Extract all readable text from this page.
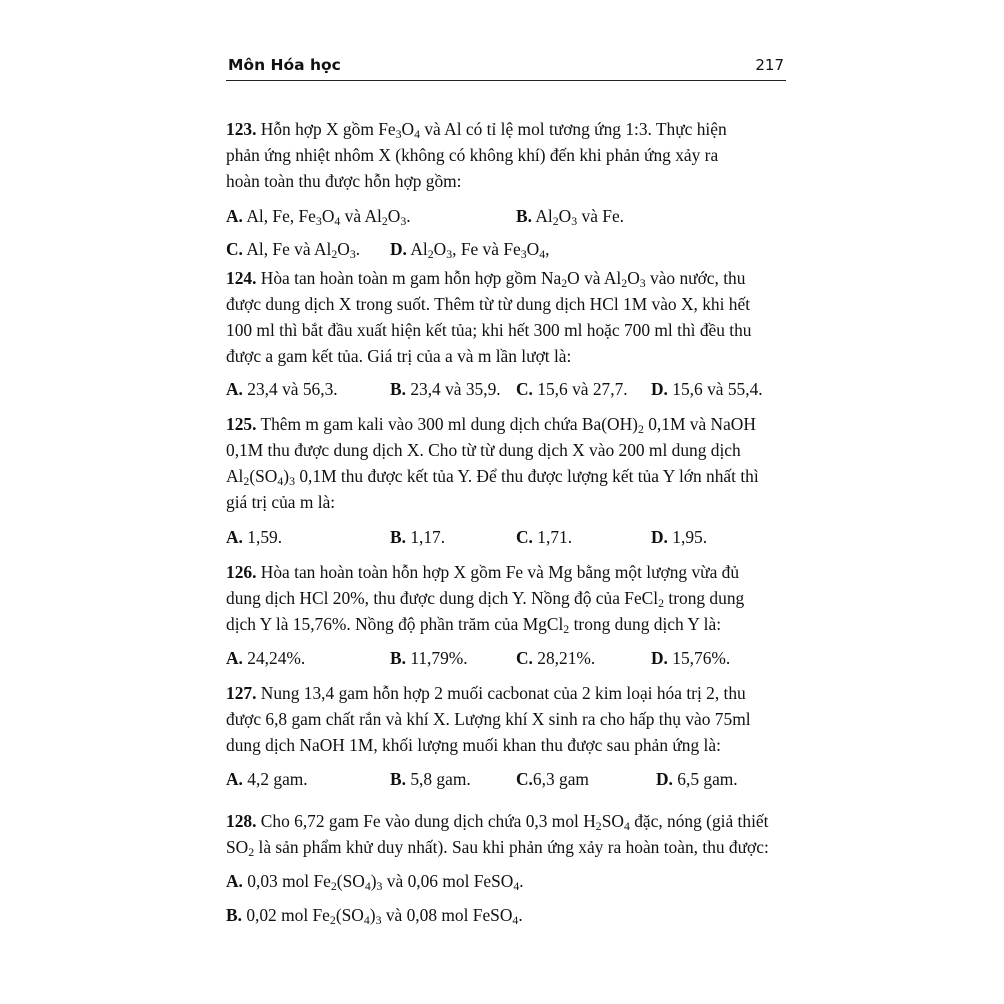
Môn Hóa học	217
123. Hỗn hợp X gồm $Fe_3O_4$ và Al có tỉ lệ mol tương ứng 1:3. Thực hiện
phản ứng nhiệt nhôm X (không có không khí) đến khi phản ứng xảy ra
hoàn toàn thu được hỗn hợp gồm:
A. Al, Fe, $Fe_3O_4$ và $Al_2O_3$.	B. $Al_2O_3$ và Fe.
C. Al, Fe và $Al_2O_3$. D. $Al_2O_3$, Fe và $Fe_3O_4$,
124. Hòa tan hoàn toàn m gam hỗn hợp gồm $Na_2O$ và $Al_2O_3$ vào nước, thu
được dung dịch X trong suốt. Thêm từ từ dung dịch HCl 1M vào X, khi hết
100 ml thì bắt đầu xuất hiện kết tủa; khi hết 300 ml hoặc 700 ml thì đều thu
được a gam kết tủa. Giá trị của a và m lần lượt là:
A. 23,4 và 56,3.	B. 23,4 và 35,9. C. 15,6 và 27,7. D. 15,6 và 55,4.
125. Thêm m gam kali vào 300 ml dung dịch chứa $Ba(OH)_2$ 0,1M và NaOH
0,1M thu được dung dịch X. Cho từ từ dung dịch X vào 200 ml dung dịch
$Al_2(SO_4)_3$ 0,1M thu được kết tủa Y. Để thu được lượng kết tủa Y lớn nhất thì
giá trị của m là:
A. 1,59.	B. 1,17.	C. 1,71.	D. 1,95.
126. Hòa tan hoàn toàn hỗn hợp X gồm Fe và Mg bằng một lượng vừa đủ
dung dịch HCl 20%, thu được dung dịch Y. Nồng độ của FeCl$_2$ trong dung
dịch Y là 15,76%. Nồng độ phần trăm của MgCl$_2$ trong dung dịch Y là:
A. 24,24%.	B. 11,79%.	C. 28,21%.	D. 15,76%.
127. Nung 13,4 gam hỗn hợp 2 muối cacbonat của 2 kim loại hóa trị 2, thu
được 6,8 gam chất rắn và khí X. Lượng khí X sinh ra cho hấp thụ vào 75ml
dung dịch NaOH 1M, khối lượng muối khan thu được sau phản ứng là:
A. 4,2 gam.	B. 5,8 gam.	C.6,3 gam	D. 6,5 gam.
128. Cho 6,72 gam Fe vào dung dịch chứa 0,3 mol $H_2SO_4$ đặc, nóng (giả thiết
$SO_2$ là sản phẩm khử duy nhất). Sau khi phản ứng xảy ra hoàn toàn, thu được:
A. 0,03 mol $Fe_2(SO_4)_3$ và 0,06 mol FeSO$_4$.
B. 0,02 mol $Fe_2(SO_4)_3$ và 0,08 mol FeSO$_4$.
